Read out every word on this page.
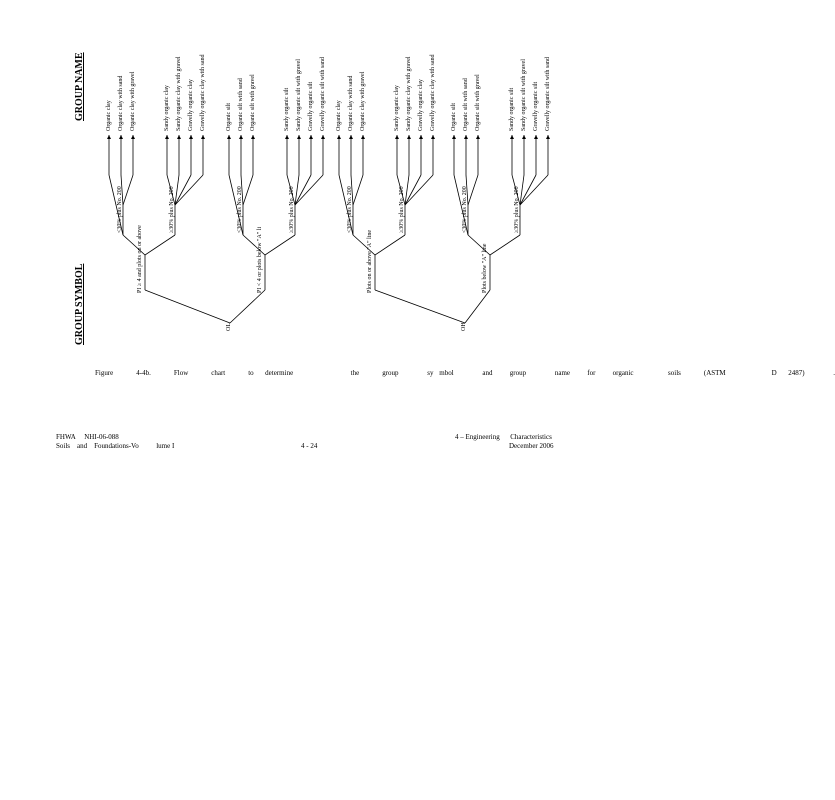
GROUP NAME
GROUP SYMBOL	OL	OH
PI ≥ 4 and plots on or above
<30% plus No. 200	≥30% plus No. 200
Organic clay Organic clay with sand Organic clay with gravel	Sandy organic clay Sandy organic clay with gravel Gravelly organic clay Gravelly organic clay with sand
PI < 4 or plots below "A" li
<30% plus No. 200	≥30% plus No. 200
Organic silt Organic silt with sand Organic silt with gravel	Sandy organic silt Sandy organic silt with gravel Gravelly organic silt Gravelly organic silt with sand
Plots on or above "A" line
<30% plus No. 200	≥30% plus No. 200
Organic clay Organic clay with sand Organic clay with gravel	Sandy organic clay Sandy organic clay with gravel Gravelly organic clay Gravelly organic clay with sand
Plots below "A" line
<30% plus No. 200	≥30% plus No. 200
Organic silt Organic silt with sand Organic silt with gravel	Sandy organic silt Sandy organic silt with gravel Gravelly organic silt Gravelly organic silt with sand
Figure    4-4b.    Flow    chart    to  determine          the    group     sy mbol     and   group     name   for   organic      soils    (ASTM        D  2487)     .
FHWA     NHI-06-088
Soils    and    Foundations-Vo          lume I	4 - 24
4 – Engineering      Characteristics
December 2006
